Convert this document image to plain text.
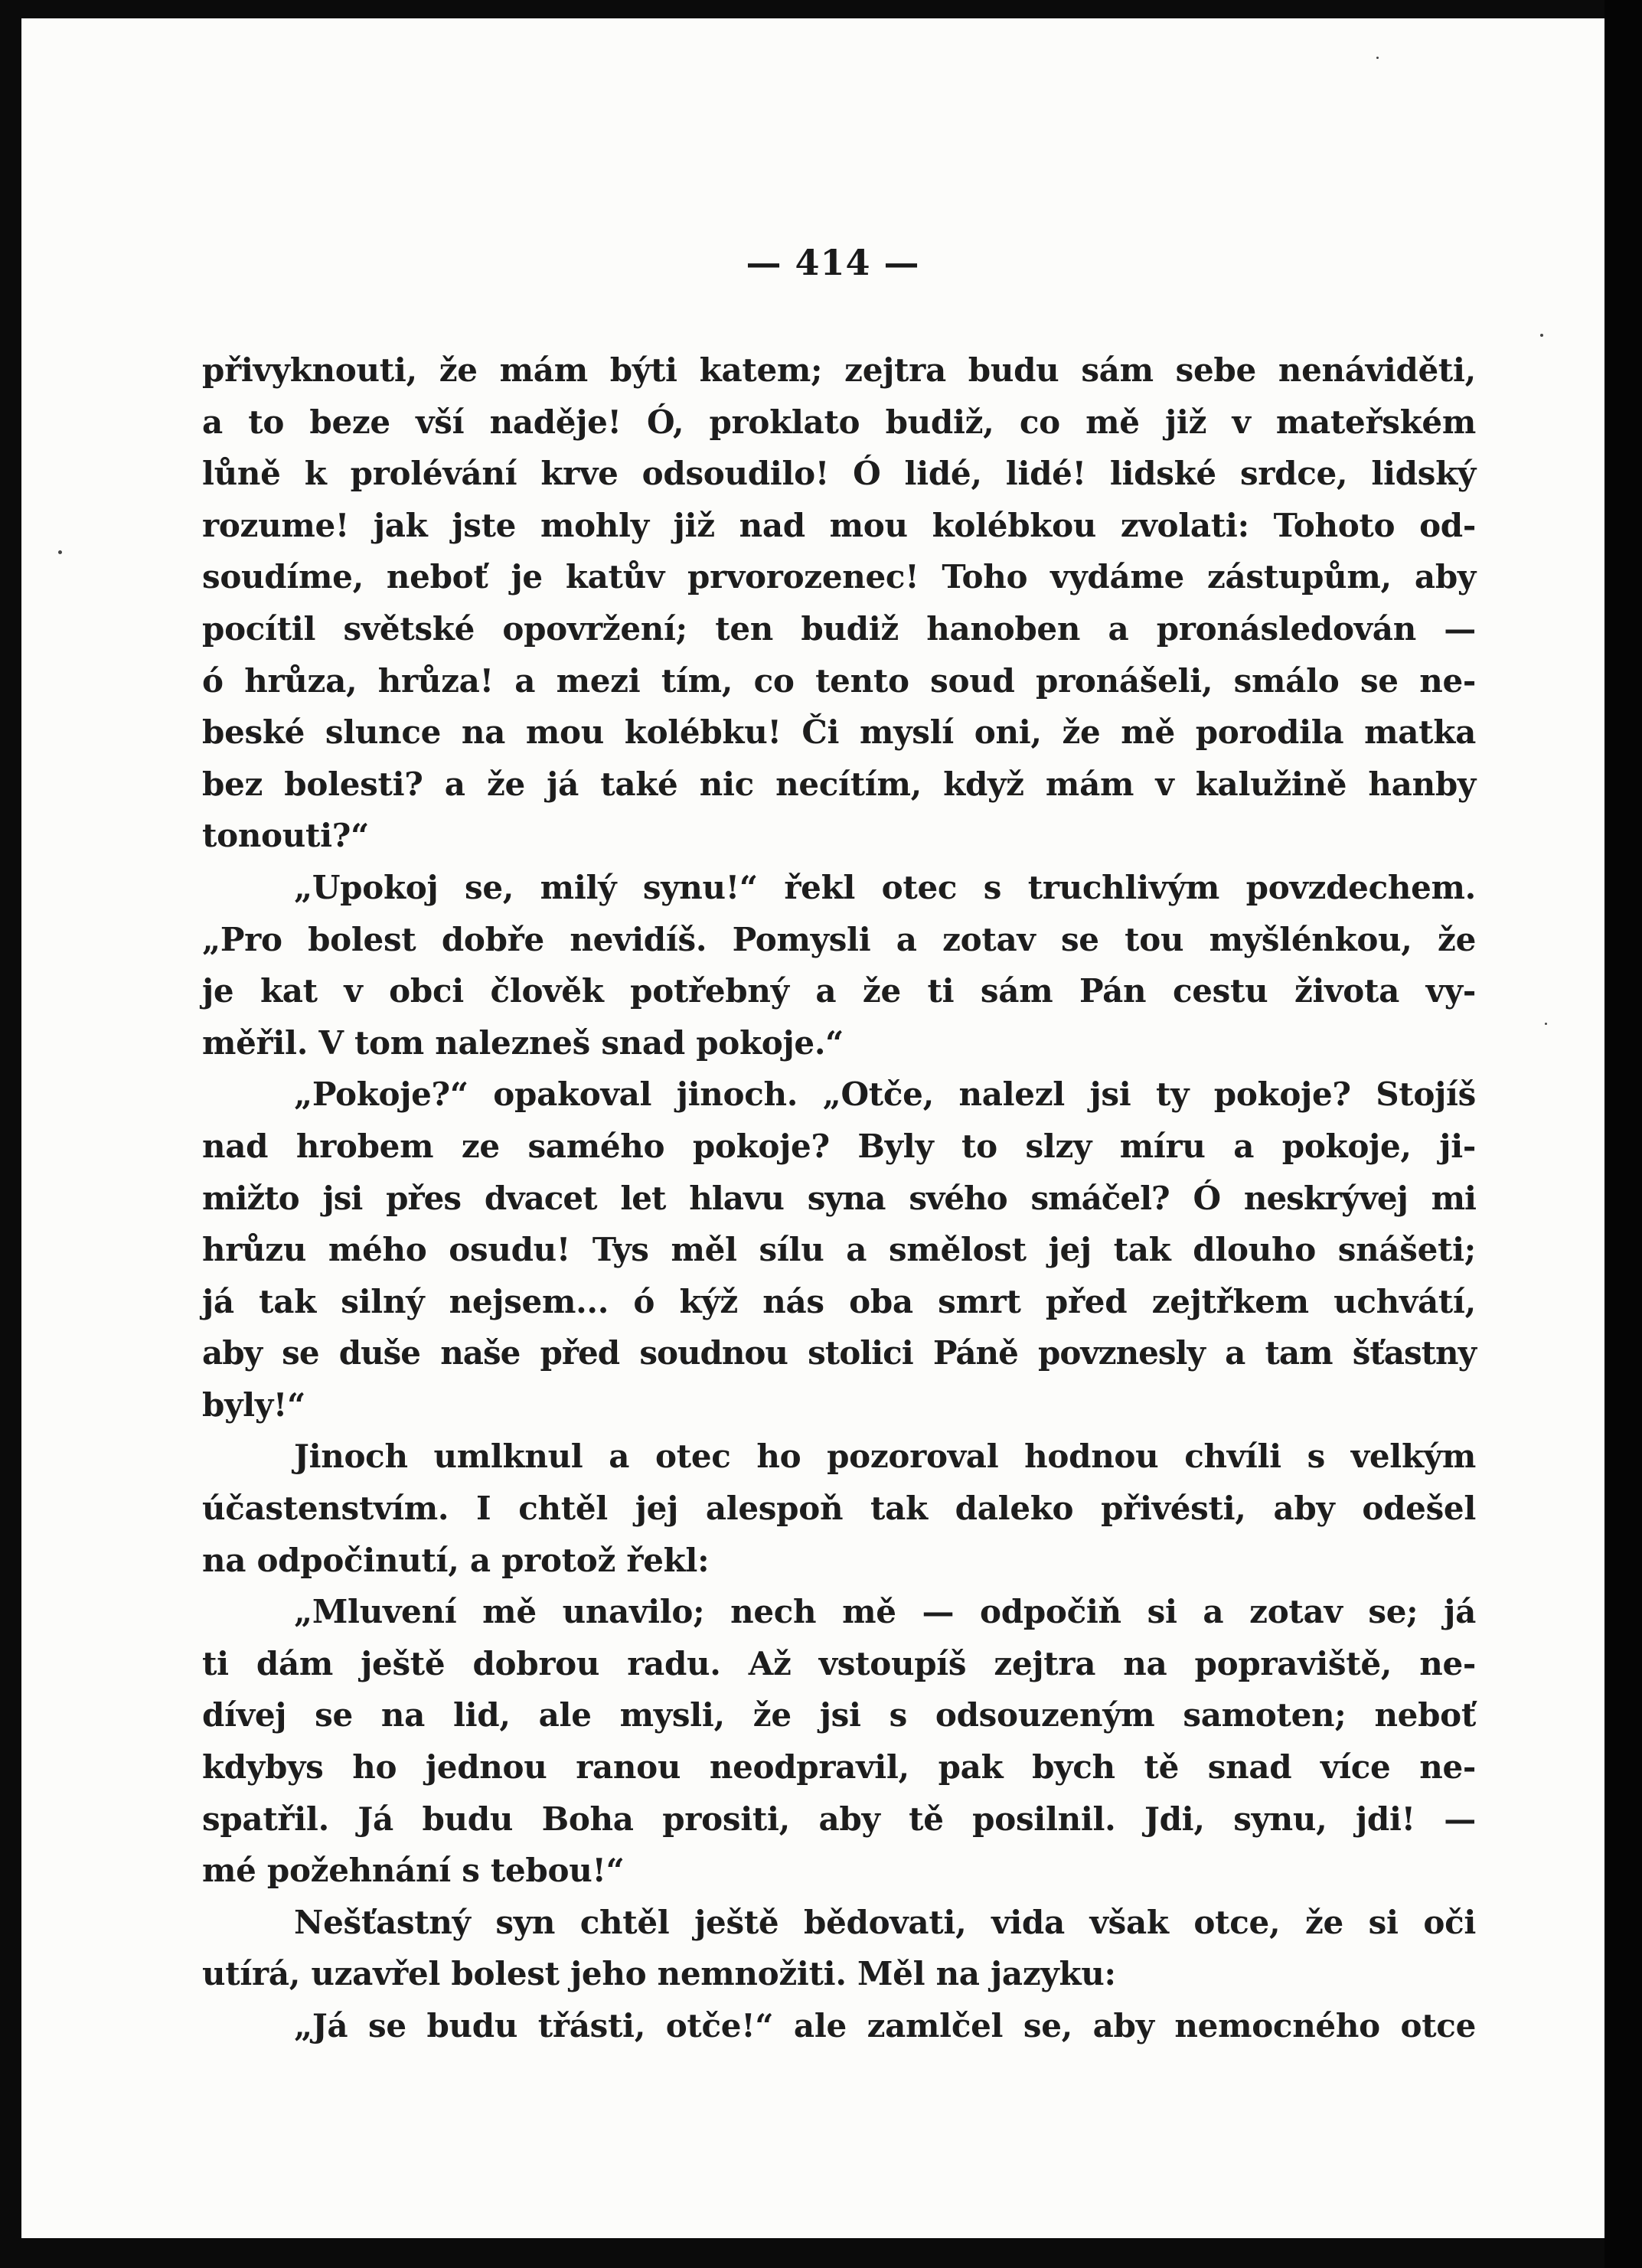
— 414 —
přivyknouti, že mám býti katem; zejtra budu sám sebe nenáviděti,
a to beze vší naděje! Ó, proklato budiž, co mě již v mateřském
lůně k prolévání krve odsoudilo! Ó lidé, lidé! lidské srdce, lidský
rozume! jak jste mohly již nad mou kolébkou zvolati: Tohoto od-
soudíme, neboť je katův prvorozenec! Toho vydáme zástupům, aby
pocítil světské opovržení; ten budiž hanoben a pronásledován —
ó hrůza, hrůza! a mezi tím, co tento soud pronášeli, smálo se ne-
beské slunce na mou kolébku! Či myslí oni, že mě porodila matka
bez bolesti? a že já také nic necítím, když mám v kalužině hanby
tonouti?“
„Upokoj se, milý synu!“ řekl otec s truchlivým povzdechem.
„Pro bolest dobře nevidíš. Pomysli a zotav se tou myšlénkou, že
je kat v obci člověk potřebný a že ti sám Pán cestu života vy-
měřil. V tom nalezneš snad pokoje.“
„Pokoje?“ opakoval jinoch. „Otče, nalezl jsi ty pokoje? Stojíš
nad hrobem ze samého pokoje? Byly to slzy míru a pokoje, ji-
mižto jsi přes dvacet let hlavu syna svého smáčel? Ó neskrývej mi
hrůzu mého osudu! Tys měl sílu a smělost jej tak dlouho snášeti;
já tak silný nejsem... ó kýž nás oba smrt před zejtřkem uchvátí,
aby se duše naše před soudnou stolici Páně povznesly a tam šťastny
byly!“
Jinoch umlknul a otec ho pozoroval hodnou chvíli s velkým
účastenstvím. I chtěl jej alespoň tak daleko přivésti, aby odešel
na odpočinutí, a protož řekl:
„Mluvení mě unavilo; nech mě — odpočiň si a zotav se; já
ti dám ještě dobrou radu. Až vstoupíš zejtra na popraviště, ne-
dívej se na lid, ale mysli, že jsi s odsouzeným samoten; neboť
kdybys ho jednou ranou neodpravil, pak bych tě snad více ne-
spatřil. Já budu Boha prositi, aby tě posilnil. Jdi, synu, jdi! —
mé požehnání s tebou!“
Nešťastný syn chtěl ještě bědovati, vida však otce, že si oči
utírá, uzavřel bolest jeho nemnožiti. Měl na jazyku:
„Já se budu třásti, otče!“ ale zamlčel se, aby nemocného otce
